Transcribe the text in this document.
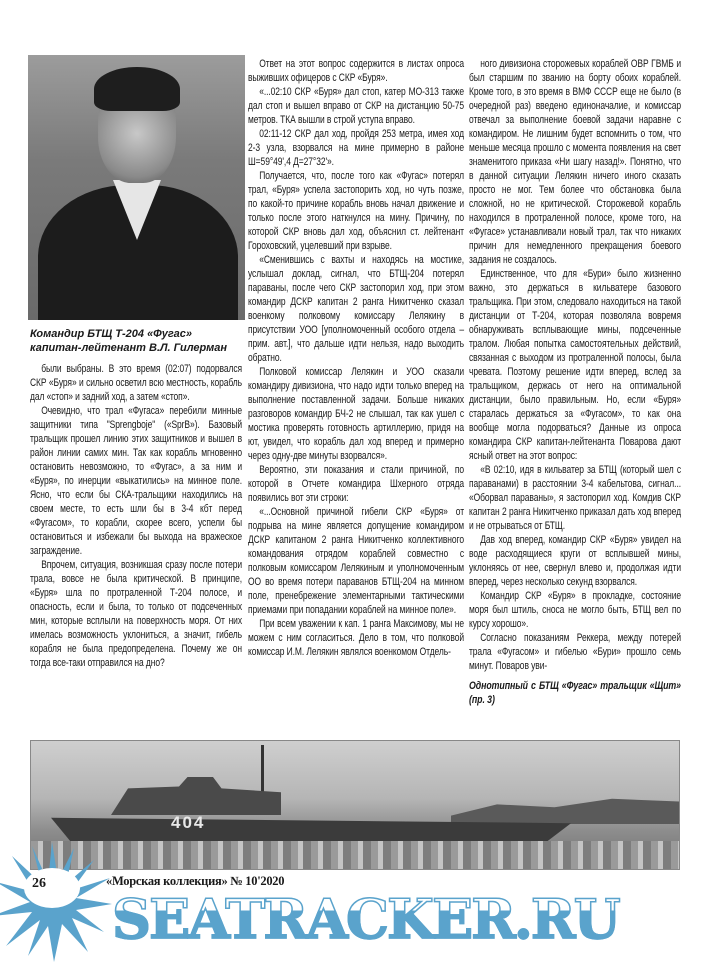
Командир БТЩ Т-204 «Фугас» капитан-лейтенант В.Л. Гилерман

были выбраны. В это время (02:07) подорвался СКР «Буря» и сильно осветил всю местность, корабль дал «стоп» и задний ход, а затем «стоп».

Очевидно, что трал «Фугаса» перебили минные защитники типа "Sprengboje" («SprB»). Базовый тральщик прошел линию этих защитников и вышел в район линии самих мин. Так как корабль мгновенно остановить невозможно, то «Фугас», а за ним и «Буря», по инерции «выкатились» на минное поле. Ясно, что если бы СКА-тральщики находились на своем месте, то есть шли бы в 3-4 кбт перед «Фугасом», то корабли, скорее всего, успели бы остановиться и избежали бы выхода на вражеское заграждение.

Впрочем, ситуация, возникшая сразу после потери трала, вовсе не была критической. В принципе, «Буря» шла по протраленной Т-204 полосе, и опасность, если и была, то только от подсеченных мин, которые всплыли на поверхность моря. От них имелась возможность уклониться, а значит, гибель корабля не была предопределена. Почему же он тогда все-таки отправился на дно?

Ответ на этот вопрос содержится в листах опроса выживших офицеров с СКР «Буря».

«...02:10 СКР «Буря» дал стоп, катер МО-313 также дал стоп и вышел вправо от СКР на дистанцию 50-75 метров. ТКА вышли в строй уступа вправо.

02:11-12 СКР дал ход, пройдя 253 метра, имея ход 2-3 узла, взорвался на мине примерно в районе Ш=59°49',4 Д=27°32'».

Получается, что, после того как «Фугас» потерял трал, «Буря» успела застопорить ход, но чуть позже, по какой-то причине корабль вновь начал движение и только после этого наткнулся на мину. Причину, по которой СКР вновь дал ход, объяснил ст. лейтенант Гороховский, уцелевший при взрыве.

«Сменившись с вахты и находясь на мостике, услышал доклад, сигнал, что БТЩ-204 потерял параваны, после чего СКР застопорил ход, при этом командир ДСКР капитан 2 ранга Никитченко сказал военкому полковому комиссару Лелякину в присутствии УОО [уполномоченный особого отдела – прим. авт.], что дальше идти нельзя, надо выходить обратно.

Полковой комиссар Лелякин и УОО сказали командиру дивизиона, что надо идти только вперед на выполнение поставленной задачи. Больше никаких разговоров командир БЧ-2 не слышал, так как ушел с мостика проверять готовность артиллерию, придя на ют, увидел, что корабль дал ход вперед и примерно через одну-две минуты взорвался».

Вероятно, эти показания и стали причиной, по которой в Отчете командира Шхерного отряда появились вот эти строки:

«...Основной причиной гибели СКР «Буря» от подрыва на мине является допущение командиром ДСКР капитаном 2 ранга Никитченко коллективного командования отрядом кораблей совместно с полковым комиссаром Лелякиным и уполномоченным ОО во время потери параванов БТЩ-204 на минном поле, пренебрежение элементарными тактическими приемами при попадании кораблей на минное поле».

При всем уважении к кап. 1 ранга Максимову, мы не можем с ним согласиться. Дело в том, что полковой комиссар И.М. Лелякин являлся военкомом Отдель-

ного дивизиона сторожевых кораблей ОВР ГВМБ и был старшим по званию на борту обоих кораблей. Кроме того, в это время в ВМФ СССР еще не было (в очередной раз) введено единоначалие, и комиссар отвечал за выполнение боевой задачи наравне с командиром. Не лишним будет вспомнить о том, что меньше месяца прошло с момента появления на свет знаменитого приказа «Ни шагу назад!». Понятно, что в данной ситуации Лелякин ничего иного сказать просто не мог. Тем более что обстановка была сложной, но не критической. Сторожевой корабль находился в протраленной полосе, кроме того, на «Фугасе» устанавливали новый трал, так что никаких причин для немедленного прекращения боевого задания не создалось.

Единственное, что для «Бури» было жизненно важно, это держаться в кильватере базового тральщика. При этом, следовало находиться на такой дистанции от Т-204, которая позволяла вовремя обнаруживать всплывающие мины, подсеченные тралом. Любая попытка самостоятельных действий, связанная с выходом из протраленной полосы, была чревата. Поэтому решение идти вперед, вслед за тральщиком, держась от него на оптимальной дистанции, было правильным. Но, если «Буря» старалась держаться за «Фугасом», то как она вообще могла подорваться? Данные из опроса командира СКР капитан-лейтенанта Поварова дают ясный ответ на этот вопрос:

«В 02:10, идя в кильватер за БТЩ (который шел с параванами) в расстоянии 3-4 кабельтова, сигнал... «Оборвал параваны», я застопорил ход. Комдив СКР капитан 2 ранга Никитченко приказал дать ход вперед и не отрываться от БТЩ.

Дав ход вперед, командир СКР «Буря» увидел на воде расходящиеся круги от всплывшей мины, уклоняясь от нее, свернул влево и, продолжая идти вперед, через несколько секунд взорвался.

Командир СКР «Буря» в прокладке, состояние моря был штиль, сноса не могло быть, БТЩ вел по курсу хорошо».

Согласно показаниям Реккера, между потерей трала «Фугасом» и гибелью «Бури» прошло семь минут. Поваров уви-

Однотипный с БТЩ «Фугас» тральщик «Щит» (пр. 3)

404
26	«Морская коллекция» № 10'2020
SEATRACKER.RU
